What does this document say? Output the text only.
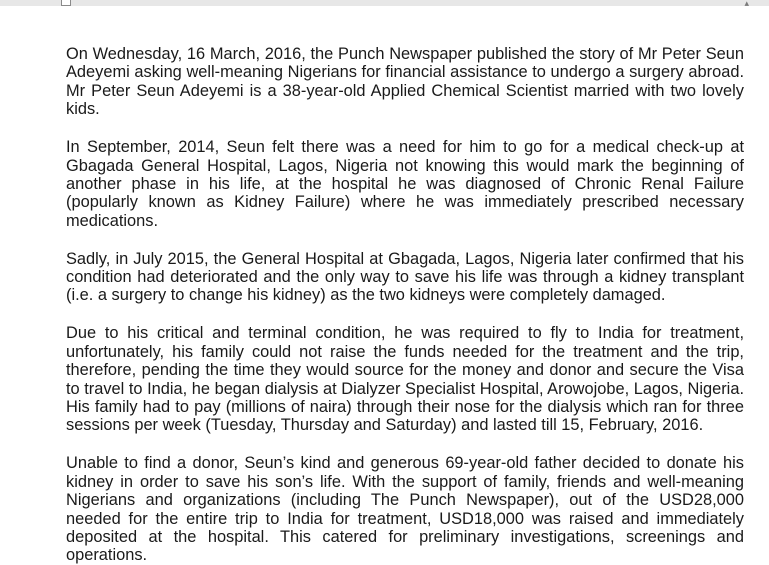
▴

On Wednesday, 16 March, 2016, the Punch Newspaper published the story of Mr Peter Seun Adeyemi asking well-meaning Nigerians for financial assistance to undergo a surgery abroad. Mr Peter Seun Adeyemi is a 38-year-old Applied Chemical Scientist married with two lovely kids.

In September, 2014, Seun felt there was a need for him to go for a medical check-up at Gbagada General Hospital, Lagos, Nigeria not knowing this would mark the beginning of another phase in his life, at the hospital he was diagnosed of Chronic Renal Failure (popularly known as Kidney Failure) where he was immediately prescribed necessary medications.

Sadly, in July 2015, the General Hospital at Gbagada, Lagos, Nigeria later confirmed that his condition had deteriorated and the only way to save his life was through a kidney transplant (i.e. a surgery to change his kidney) as the two kidneys were completely damaged.

Due to his critical and terminal condition, he was required to fly to India for treatment, unfortunately, his family could not raise the funds needed for the treatment and the trip, therefore, pending the time they would source for the money and donor and secure the Visa to travel to India, he began dialysis at Dialyzer Specialist Hospital, Arowojobe, Lagos, Nigeria. His family had to pay (millions of naira) through their nose for the dialysis which ran for three sessions per week (Tuesday, Thursday and Saturday) and lasted till 15, February, 2016.

Unable to find a donor, Seun’s kind and generous 69-year-old father decided to donate his kidney in order to save his son’s life. With the support of family, friends and well-meaning Nigerians and organizations (including The Punch Newspaper), out of the USD28,000 needed for the entire trip to India for treatment, USD18,000 was raised and immediately deposited at the hospital. This catered for preliminary investigations, screenings and operations.
